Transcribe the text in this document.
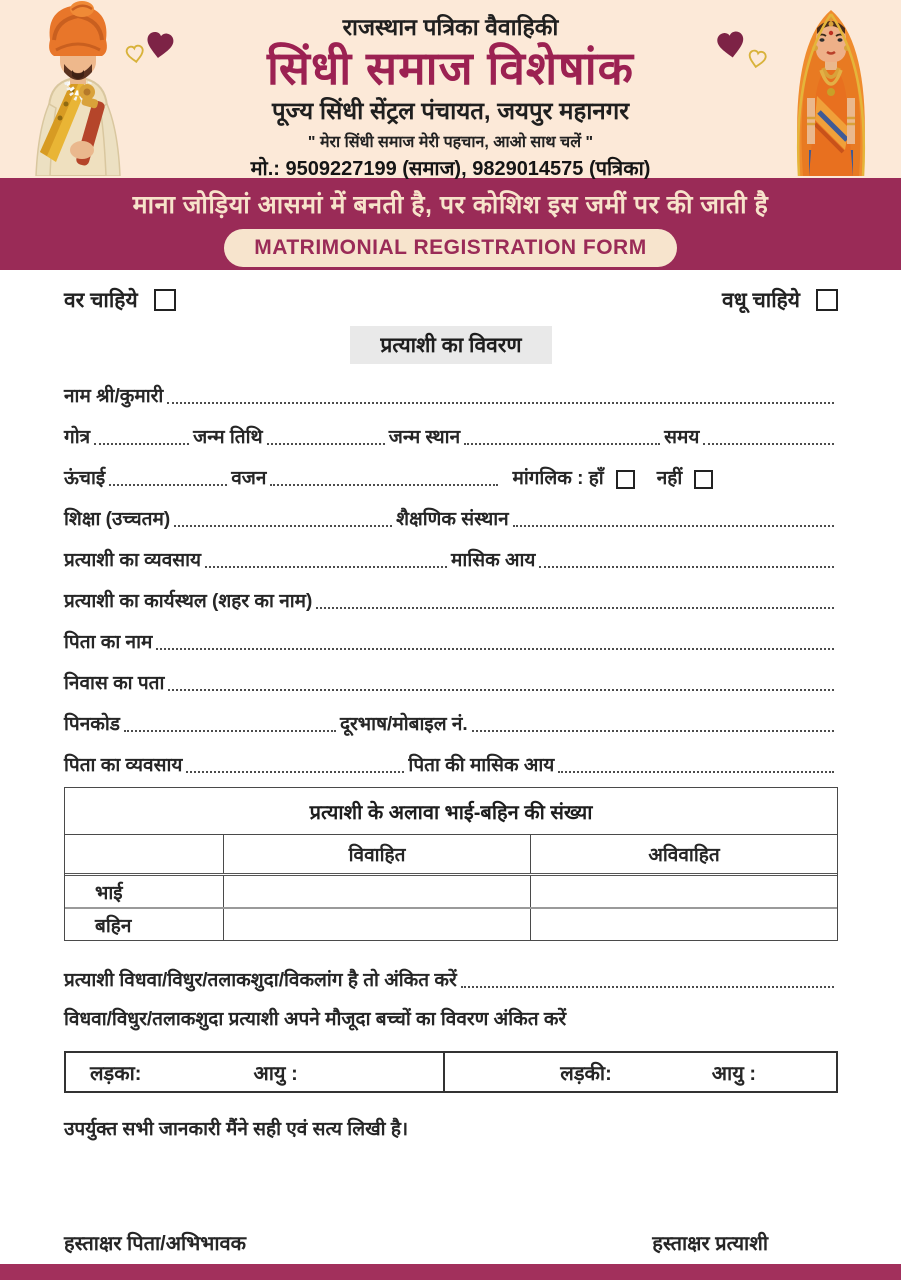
राजस्थान पत्रिका वैवाहिकी
सिंधी समाज विशेषांक
पूज्य सिंधी सेंट्रल पंचायत, जयपुर महानगर
" मेरा सिंधी समाज मेरी पहचान, आओ साथ चलें "
मो.: 9509227199 (समाज), 9829014575 (पत्रिका)
माना जोड़ियां आसमां में बनती है, पर कोशिश इस जमीं पर की जाती है
MATRIMONIAL REGISTRATION FORM
वर चाहिये	वधू चाहिये
प्रत्याशी का विवरण
नाम श्री/कुमारी
गोत्र	जन्म तिथि	जन्म स्थान	समय
ऊंचाई	वजन	मांगलिक : हाँ	नहीं
शिक्षा (उच्चतम)	शैक्षणिक संस्थान
प्रत्याशी का व्यवसाय	मासिक आय
प्रत्याशी का कार्यस्थल (शहर का नाम)
पिता का नाम
निवास का पता
पिनकोड	दूरभाष/मोबाइल नं.
पिता का व्यवसाय	पिता की मासिक आय
प्रत्याशी के अलावा भाई-बहिन की संख्या
विवाहित	अविवाहित
भाई
बहिन
प्रत्याशी विधवा/विधुर/तलाकशुदा/विकलांग है तो अंकित करें
विधवा/विधुर/तलाकशुदा प्रत्याशी अपने मौजूदा बच्चों का विवरण अंकित करें
लड़का:	आयु :	लड़की:	आयु :
उपर्युक्त सभी जानकारी मैंने सही एवं सत्य लिखी है।
हस्ताक्षर पिता/अभिभावक	हस्ताक्षर प्रत्याशी
